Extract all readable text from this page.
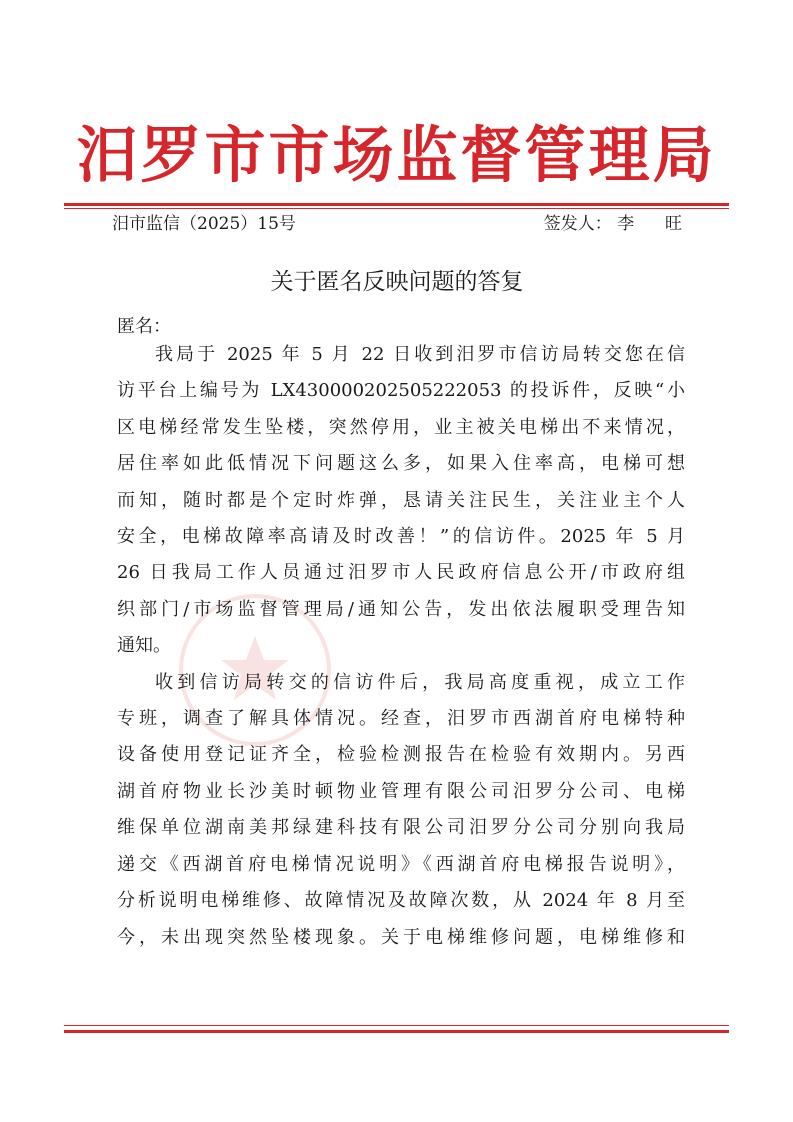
汨罗市市场监督管理局
汨市监信（2025）15号	签发人： 李 旺
关于匿名反映问题的答复
匿名：

我局于 2025 年 5 月 22 日收到汨罗市信访局转交您在信
访平台上编号为 LX430000202505222053 的投诉件，反映“小
区电梯经常发生坠楼，突然停用，业主被关电梯出不来情况，
居住率如此低情况下问题这么多，如果入住率高，电梯可想
而知，随时都是个定时炸弹，恳请关注民生，关注业主个人
安全，电梯故障率高请及时改善！”的信访件。2025 年 5 月
26 日我局工作人员通过汨罗市人民政府信息公开/市政府组
织部门/市场监督管理局/通知公告，发出依法履职受理告知
通知。

收到信访局转交的信访件后，我局高度重视，成立工作
专班，调查了解具体情况。经查，汨罗市西湖首府电梯特种
设备使用登记证齐全，检验检测报告在检验有效期内。另西
湖首府物业长沙美时顿物业管理有限公司汨罗分公司、电梯
维保单位湖南美邦绿建科技有限公司汨罗分公司分别向我局
递交《西湖首府电梯情况说明》《西湖首府电梯报告说明》，
分析说明电梯维修、故障情况及故障次数，从 2024 年 8 月至
今，未出现突然坠楼现象。关于电梯维修问题，电梯维修和
